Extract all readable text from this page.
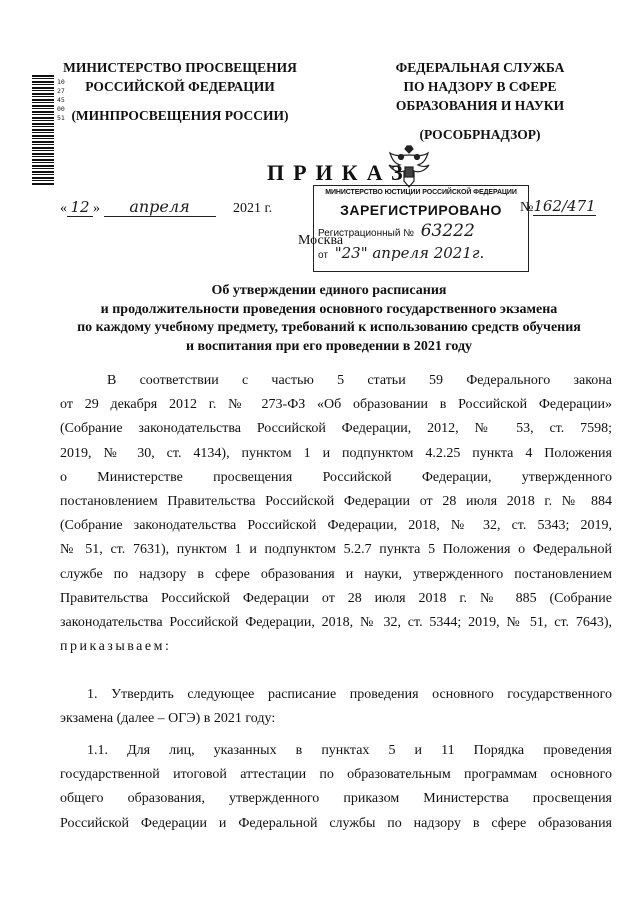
1027450051
МИНИСТЕРСТВО ПРОСВЕЩЕНИЯ
РОССИЙСКОЙ ФЕДЕРАЦИИ
(МИНПРОСВЕЩЕНИЯ РОССИИ)
ФЕДЕРАЛЬНАЯ СЛУЖБА
ПО НАДЗОРУ В СФЕРЕ
ОБРАЗОВАНИЯ И НАУКИ
(РОСОБРНАДЗОР)
ПРИКАЗ
« 12 » апреля	2021 г.	№162/471
Москва
МИНИСТЕРСТВО ЮСТИЦИИ РОССИЙСКОЙ ФЕДЕРАЦИИ
ЗАРЕГИСТРИРОВАНО
Регистрационный № 63222
от "23" апреля 2021г.
Об утверждении единого расписания
и продолжительности проведения основного государственного экзамена
по каждому учебному предмету, требований к использованию средств обучения
и воспитания при его проведении в 2021 году
В соответствии с частью 5 статьи 59 Федерального закона
от 29 декабря 2012 г. № 273-ФЗ «Об образовании в Российской Федерации»
(Собрание законодательства Российской Федерации, 2012, № 53, ст. 7598;
2019, № 30, ст. 4134), пунктом 1 и подпунктом 4.2.25 пункта 4 Положения
о Министерстве просвещения Российской Федерации, утвержденного
постановлением Правительства Российской Федерации от 28 июля 2018 г. № 884
(Собрание законодательства Российской Федерации, 2018, № 32, ст. 5343; 2019,
№ 51, ст. 7631), пунктом 1 и подпунктом 5.2.7 пункта 5 Положения о Федеральной
службе по надзору в сфере образования и науки, утвержденного постановлением
Правительства Российской Федерации от 28 июля 2018 г. № 885 (Собрание
законодательства Российской Федерации, 2018, № 32, ст. 5344; 2019, № 51, ст. 7643),
приказываем:
1. Утвердить следующее расписание проведения основного государственного
экзамена (далее – ОГЭ) в 2021 году:
1.1. Для лиц, указанных в пунктах 5 и 11 Порядка проведения
государственной итоговой аттестации по образовательным программам основного
общего образования, утвержденного приказом Министерства просвещения
Российской Федерации и Федеральной службы по надзору в сфере образования
